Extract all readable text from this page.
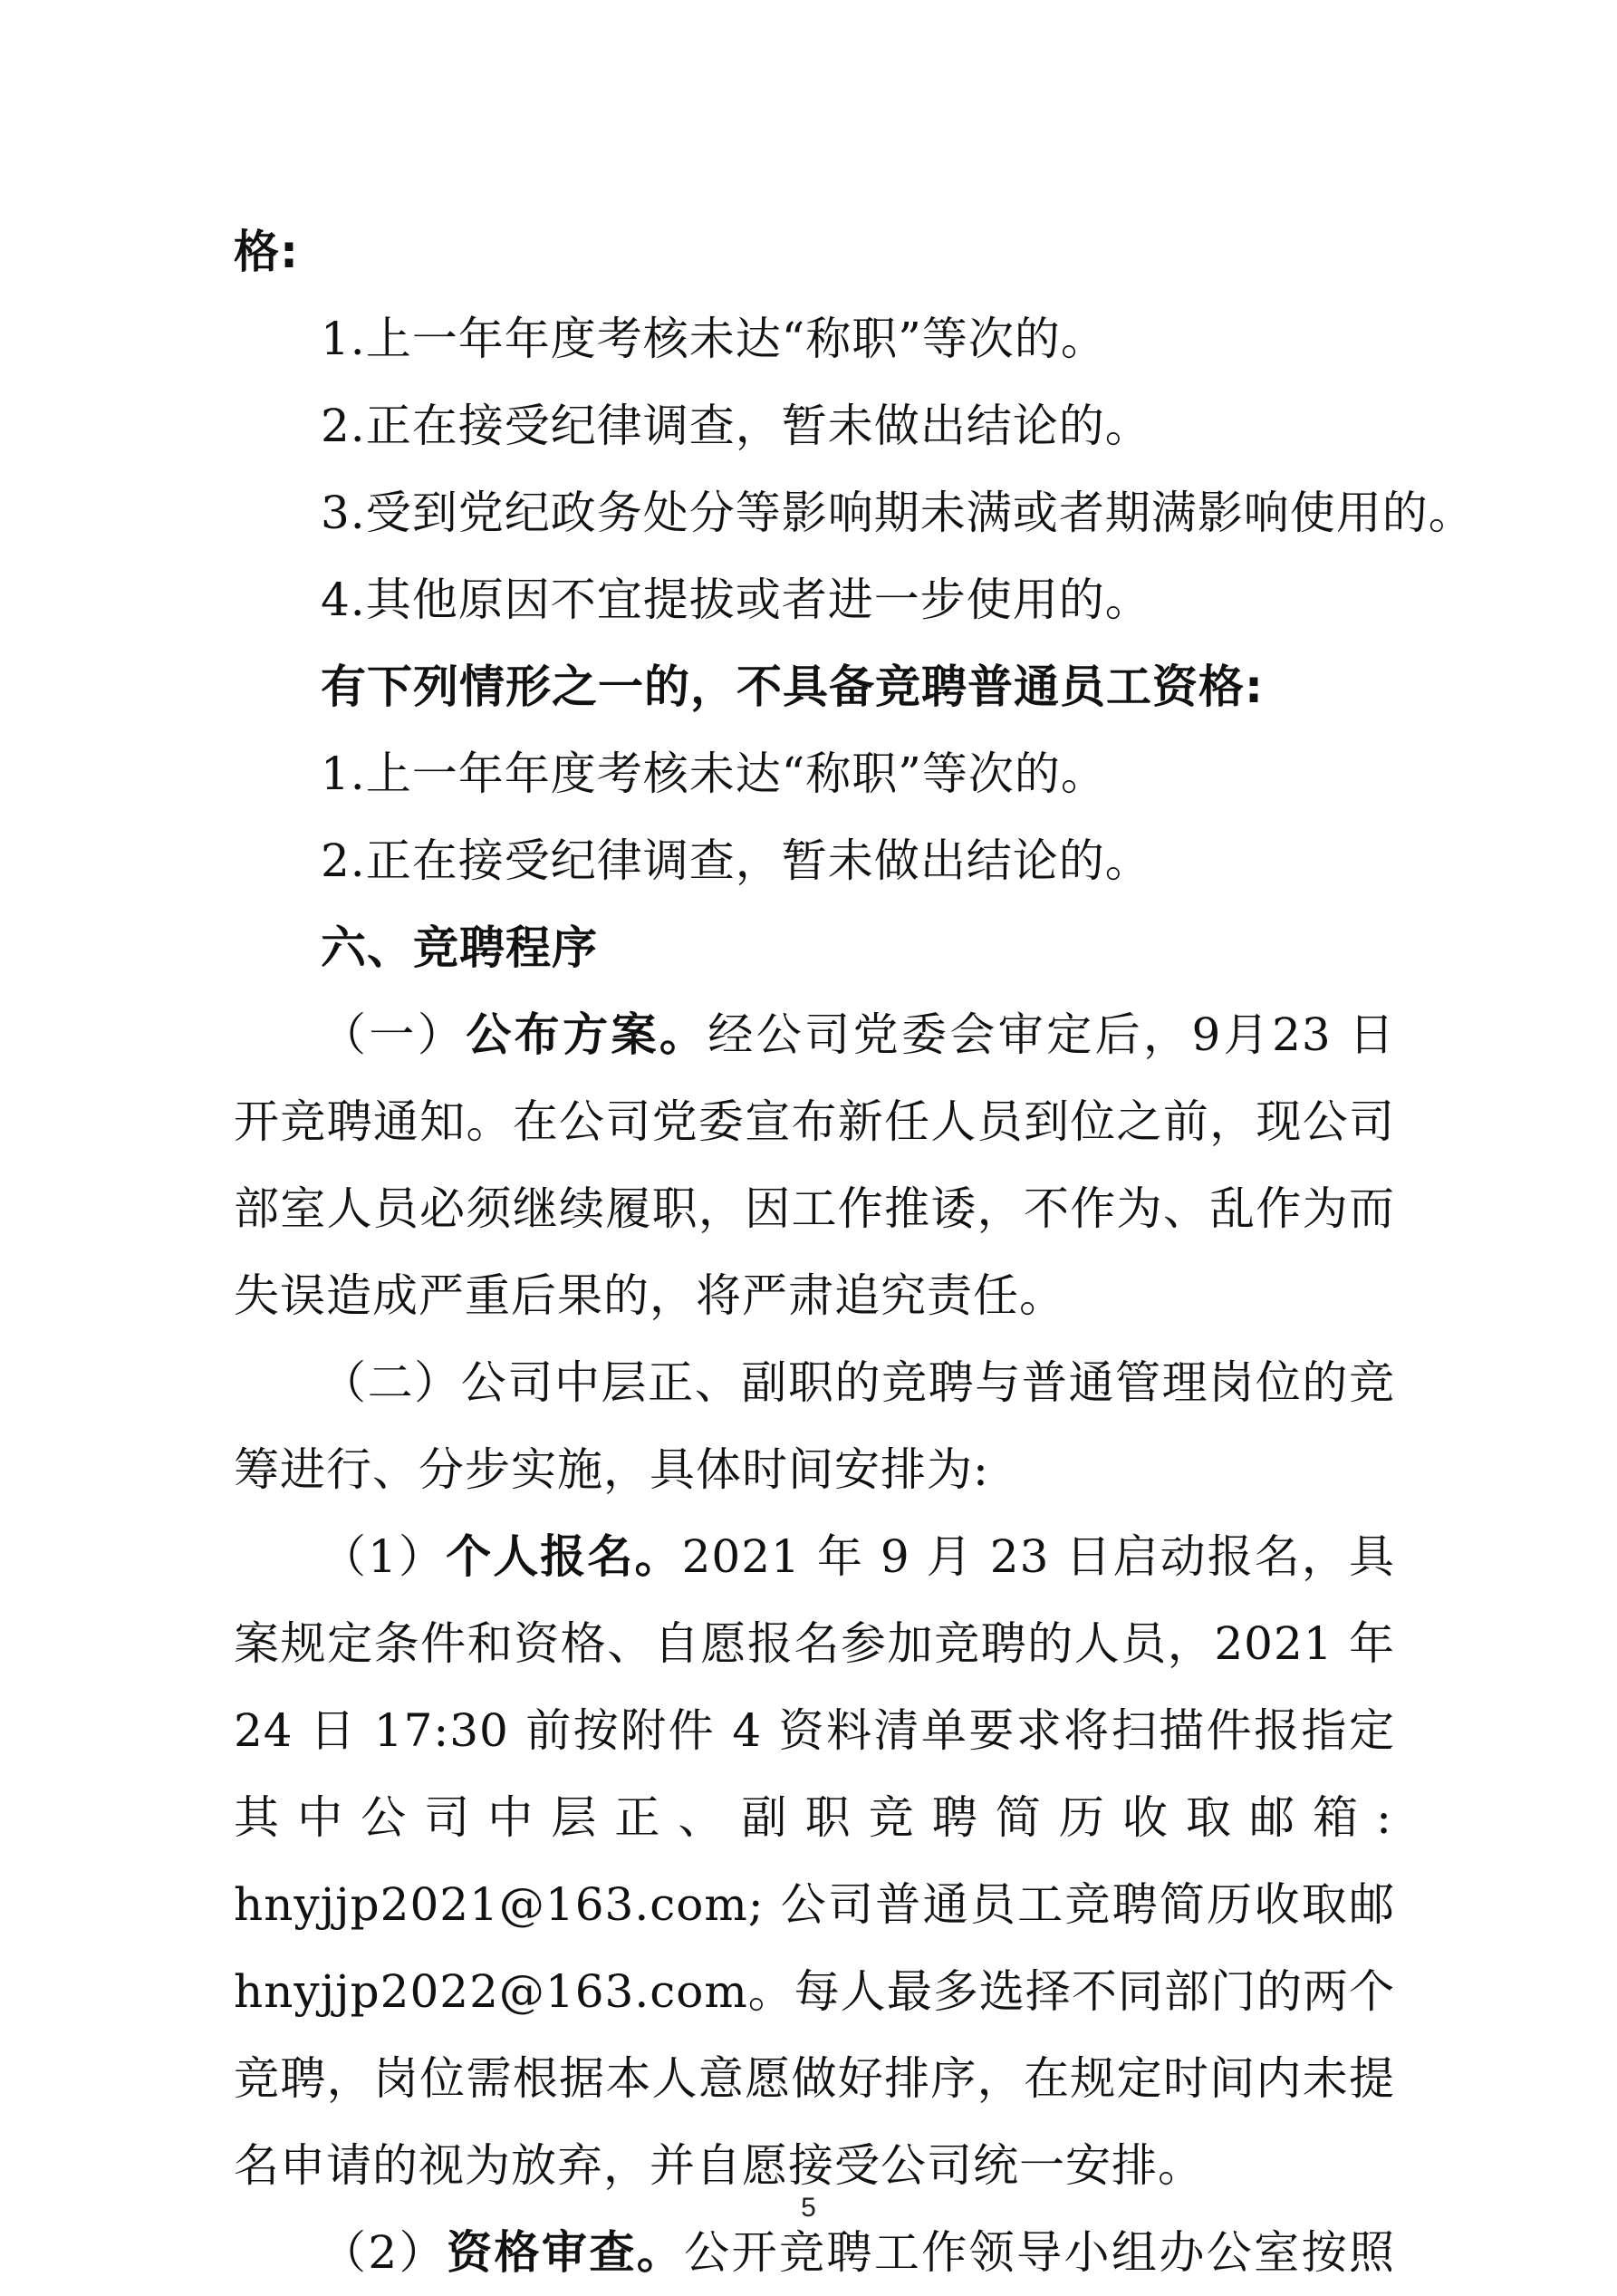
格:
1.上一年年度考核未达“称职”等次的。
2.正在接受纪律调查，暂未做出结论的。
3.受到党纪政务处分等影响期未满或者期满影响使用的。
4.其他原因不宜提拔或者进一步使用的。
有下列情形之一的，不具备竞聘普通员工资格:
1.上一年年度考核未达“称职”等次的。
2.正在接受纪律调查，暂未做出结论的。
六、竞聘程序
（一）公布方案。经公司党委会审定后，9月23 日
开竞聘通知。在公司党委宣布新任人员到位之前，现公司
部室人员必须继续履职，因工作推诿，不作为、乱作为而
失误造成严重后果的，将严肃追究责任。
（二）公司中层正、副职的竞聘与普通管理岗位的竞
筹进行、分步实施，具体时间安排为:
（1）个人报名。2021 年 9 月 23 日启动报名，具
案规定条件和资格、自愿报名参加竞聘的人员，2021 年
24 日 17:30 前按附件 4 资料清单要求将扫描件报指定
其中公司中层正、副职竞聘简历收取邮箱:
hnyjjp2021@163.com; 公司普通员工竞聘简历收取邮
hnyjjp2022@163.com。每人最多选择不同部门的两个
竞聘，岗位需根据本人意愿做好排序，在规定时间内未提
名申请的视为放弃，并自愿接受公司统一安排。
（2）资格审查。公开竞聘工作领导小组办公室按照
5
